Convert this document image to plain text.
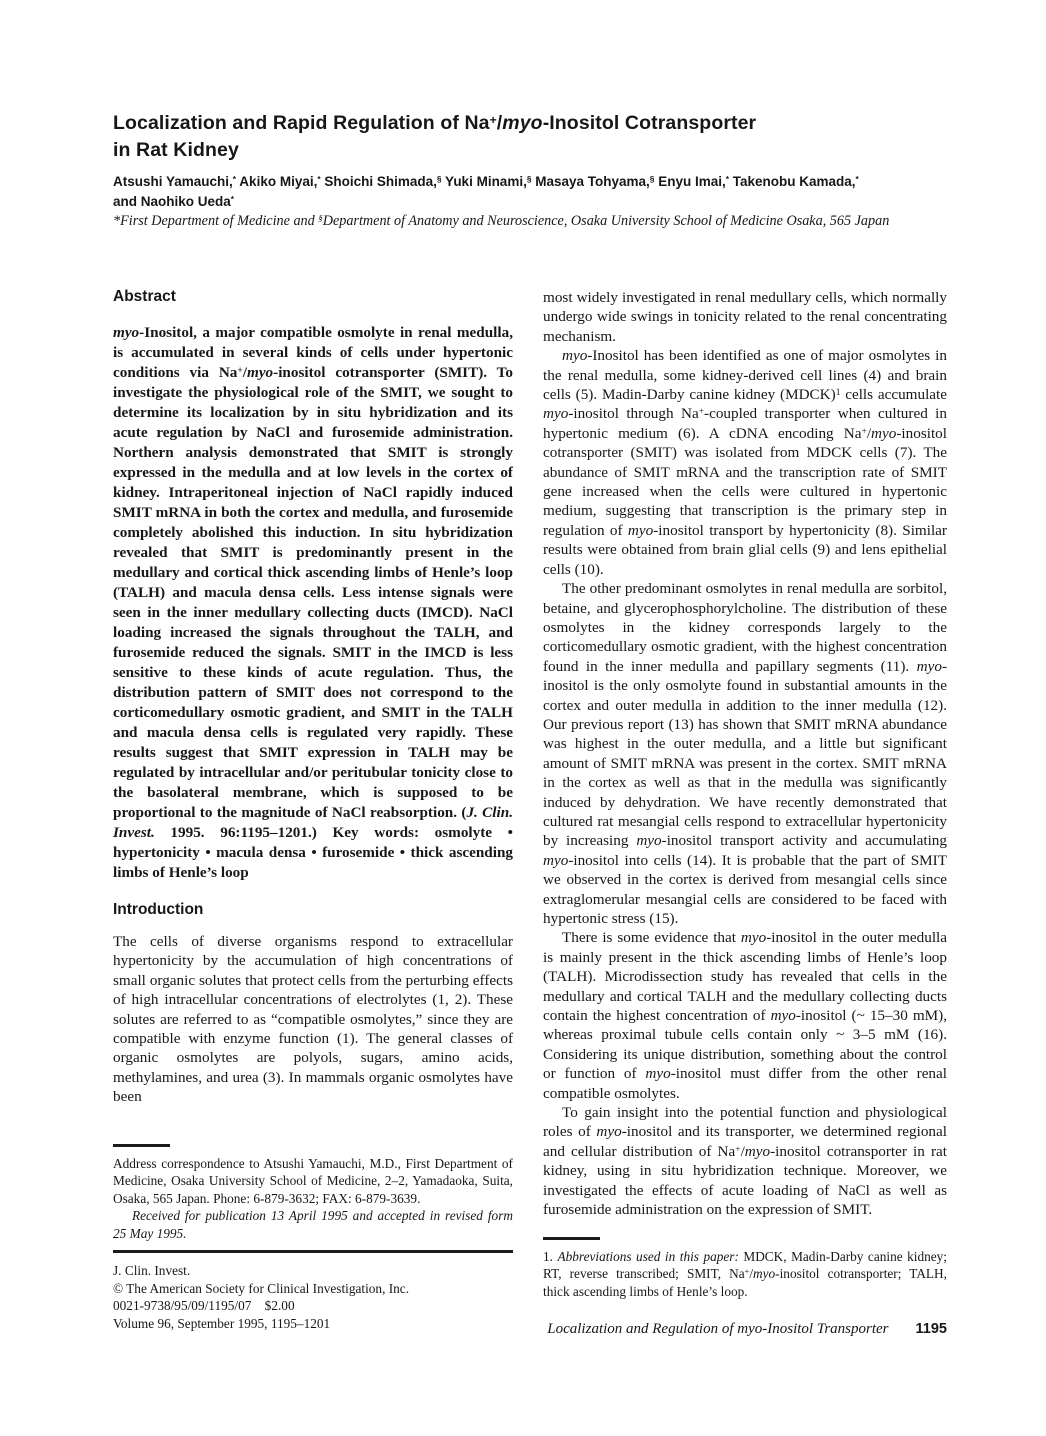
Localization and Rapid Regulation of Na+/myo-Inositol Cotransporter
in Rat Kidney
Atsushi Yamauchi,* Akiko Miyai,* Shoichi Shimada,§ Yuki Minami,§ Masaya Tohyama,§ Enyu Imai,* Takenobu Kamada,*
and Naohiko Ueda*
*First Department of Medicine and §Department of Anatomy and Neuroscience, Osaka University School of Medicine Osaka, 565 Japan
Abstract

myo-Inositol, a major compatible osmolyte in renal medulla, is accumulated in several kinds of cells under hypertonic conditions via Na+/myo-inositol cotransporter (SMIT). To investigate the physiological role of the SMIT, we sought to determine its localization by in situ hybridization and its acute regulation by NaCl and furosemide administration. Northern analysis demonstrated that SMIT is strongly expressed in the medulla and at low levels in the cortex of kidney. Intraperitoneal injection of NaCl rapidly induced SMIT mRNA in both the cortex and medulla, and furosemide completely abolished this induction. In situ hybridization revealed that SMIT is predominantly present in the medullary and cortical thick ascending limbs of Henle’s loop (TALH) and macula densa cells. Less intense signals were seen in the inner medullary collecting ducts (IMCD). NaCl loading increased the signals throughout the TALH, and furosemide reduced the signals. SMIT in the IMCD is less sensitive to these kinds of acute regulation. Thus, the distribution pattern of SMIT does not correspond to the corticomedullary osmotic gradient, and SMIT in the TALH and macula densa cells is regulated very rapidly. These results suggest that SMIT expression in TALH may be regulated by intracellular and/or peritubular tonicity close to the basolateral membrane, which is supposed to be proportional to the magnitude of NaCl reabsorption. (J. Clin. Invest. 1995. 96:1195–1201.) Key words: osmolyte • hypertonicity • macula densa • furosemide • thick ascending limbs of Henle’s loop

Introduction

The cells of diverse organisms respond to extracellular hypertonicity by the accumulation of high concentrations of small organic solutes that protect cells from the perturbing effects of high intracellular concentrations of electrolytes (1, 2). These solutes are referred to as “compatible osmolytes,” since they are compatible with enzyme function (1). The general classes of organic osmolytes are polyols, sugars, amino acids, methylamines, and urea (3). In mammals organic osmolytes have been

Address correspondence to Atsushi Yamauchi, M.D., First Department of Medicine, Osaka University School of Medicine, 2–2, Yamadaoka, Suita, Osaka, 565 Japan. Phone: 6-879-3632; FAX: 6-879-3639.

Received for publication 13 April 1995 and accepted in revised form 25 May 1995.

J. Clin. Invest.
© The American Society for Clinical Investigation, Inc.
0021-9738/95/09/1195/07 $2.00
Volume 96, September 1995, 1195–1201

most widely investigated in renal medullary cells, which normally undergo wide swings in tonicity related to the renal concentrating mechanism.

myo-Inositol has been identified as one of major osmolytes in the renal medulla, some kidney-derived cell lines (4) and brain cells (5). Madin-Darby canine kidney (MDCK)$^1$ cells accumulate myo-inositol through Na+-coupled transporter when cultured in hypertonic medium (6). A cDNA encoding Na+/myo-inositol cotransporter (SMIT) was isolated from MDCK cells (7). The abundance of SMIT mRNA and the transcription rate of SMIT gene increased when the cells were cultured in hypertonic medium, suggesting that transcription is the primary step in regulation of myo-inositol transport by hypertonicity (8). Similar results were obtained from brain glial cells (9) and lens epithelial cells (10).

The other predominant osmolytes in renal medulla are sorbitol, betaine, and glycerophosphorylcholine. The distribution of these osmolytes in the kidney corresponds largely to the corticomedullary osmotic gradient, with the highest concentration found in the inner medulla and papillary segments (11). myo-inositol is the only osmolyte found in substantial amounts in the cortex and outer medulla in addition to the inner medulla (12). Our previous report (13) has shown that SMIT mRNA abundance was highest in the outer medulla, and a little but significant amount of SMIT mRNA was present in the cortex. SMIT mRNA in the cortex as well as that in the medulla was significantly induced by dehydration. We have recently demonstrated that cultured rat mesangial cells respond to extracellular hypertonicity by increasing myo-inositol transport activity and accumulating myo-inositol into cells (14). It is probable that the part of SMIT we observed in the cortex is derived from mesangial cells since extraglomerular mesangial cells are considered to be faced with hypertonic stress (15).

There is some evidence that myo-inositol in the outer medulla is mainly present in the thick ascending limbs of Henle’s loop (TALH). Microdissection study has revealed that cells in the medullary and cortical TALH and the medullary collecting ducts contain the highest concentration of myo-inositol (~ 15–30 mM), whereas proximal tubule cells contain only ~ 3–5 mM (16). Considering its unique distribution, something about the control or function of myo-inositol must differ from the other renal compatible osmolytes.

To gain insight into the potential function and physiological roles of myo-inositol and its transporter, we determined regional and cellular distribution of Na+/myo-inositol cotransporter in rat kidney, using in situ hybridization technique. Moreover, we investigated the effects of acute loading of NaCl as well as furosemide administration on the expression of SMIT.

1. Abbreviations used in this paper: MDCK, Madin-Darby canine kidney; RT, reverse transcribed; SMIT, Na+/myo-inositol cotransporter; TALH, thick ascending limbs of Henle’s loop.

Localization and Regulation of myo-Inositol Transporter 1195
